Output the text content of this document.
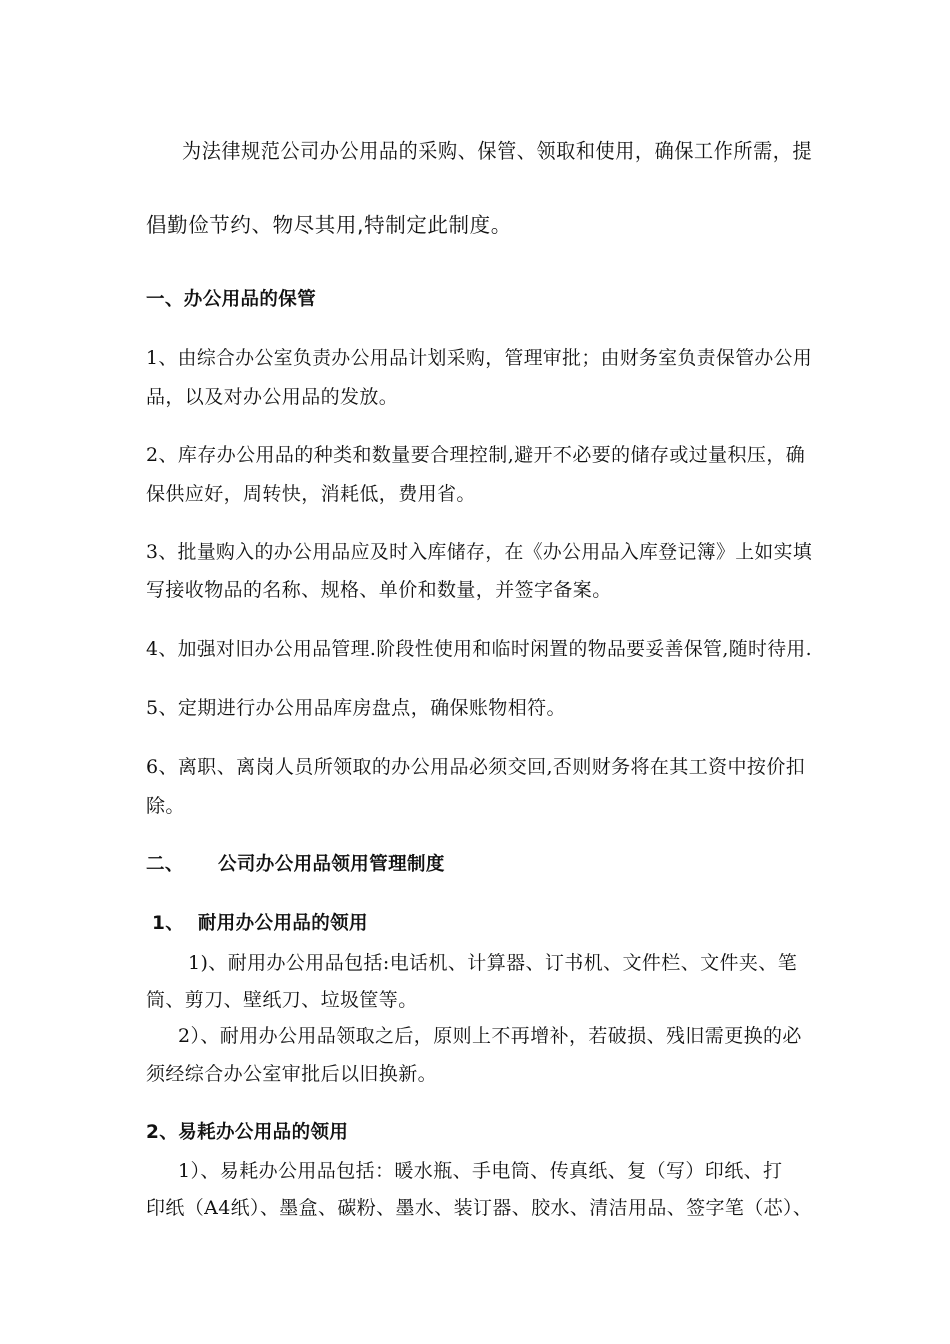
为法律规范公司办公用品的采购、保管、领取和使用，确保工作所需，提
倡勤俭节约、物尽其用,特制定此制度。
一、办公用品的保管
1、由综合办公室负责办公用品计划采购，管理审批；由财务室负责保管办公用
品，以及对办公用品的发放。
2、库存办公用品的种类和数量要合理控制,避开不必要的储存或过量积压，确
保供应好，周转快，消耗低，费用省。
3、批量购入的办公用品应及时入库储存，在《办公用品入库登记簿》上如实填
写接收物品的名称、规格、单价和数量，并签字备案。
4、加强对旧办公用品管理.阶段性使用和临时闲置的物品要妥善保管,随时待用.
5、定期进行办公用品库房盘点，确保账物相符。
6、离职、离岗人员所领取的办公用品必须交回,否则财务将在其工资中按价扣
除。
二、     公司办公用品领用管理制度
1、  耐用办公用品的领用
1)、耐用办公用品包括:电话机、计算器、订书机、文件栏、文件夹、笔
筒、剪刀、壁纸刀、垃圾筐等。
2）、耐用办公用品领取之后，原则上不再增补，若破损、残旧需更换的必
须经综合办公室审批后以旧换新。
2、易耗办公用品的领用
1）、易耗办公用品包括：暖水瓶、手电筒、传真纸、复（写）印纸、打
印纸（A4纸）、墨盒、碳粉、墨水、装订器、胶水、清洁用品、签字笔（芯）、
